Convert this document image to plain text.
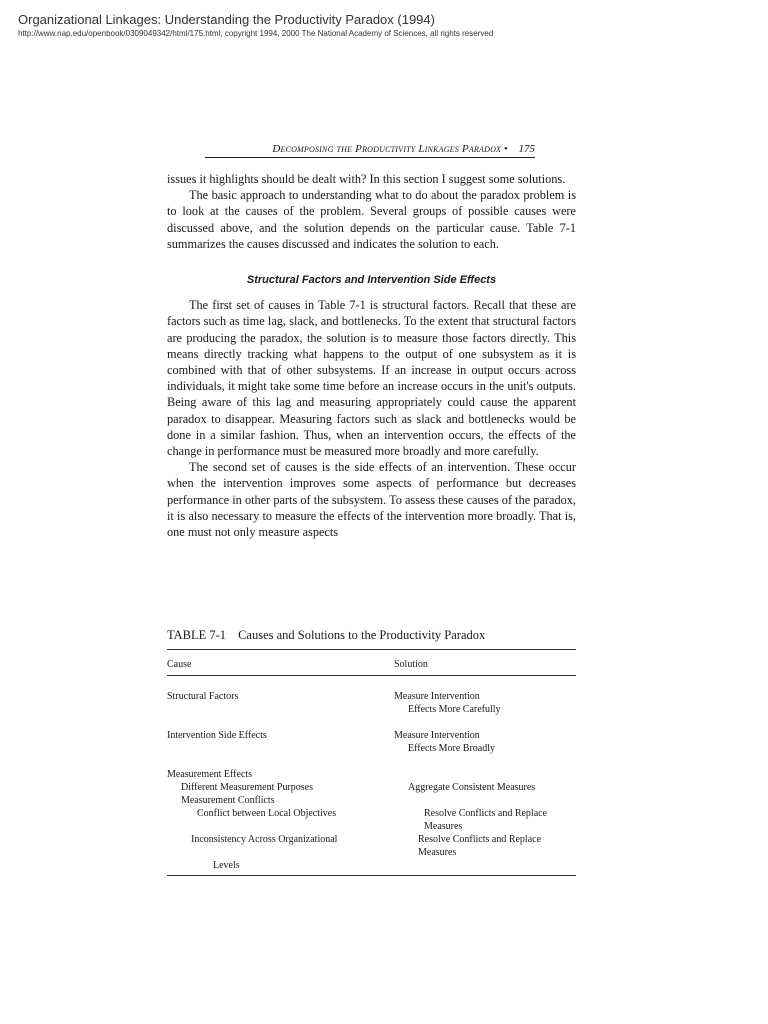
Organizational Linkages: Understanding the Productivity Paradox (1994)
http://www.nap.edu/openbook/0309049342/html/175.html, copyright 1994, 2000 The National Academy of Sciences, all rights reserved
Decomposing the Productivity Linkages Paradox • 175

issues it highlights should be dealt with? In this section I suggest some solutions.

The basic approach to understanding what to do about the paradox problem is to look at the causes of the problem. Several groups of possible causes were discussed above, and the solution depends on the particular cause. Table 7-1 summarizes the causes discussed and indicates the solution to each.

Structural Factors and Intervention Side Effects

The first set of causes in Table 7-1 is structural factors. Recall that these are factors such as time lag, slack, and bottlenecks. To the extent that structural factors are producing the paradox, the solution is to measure those factors directly. This means directly tracking what happens to the output of one subsystem as it is combined with that of other subsystems. If an increase in output occurs across individuals, it might take some time before an increase occurs in the unit's outputs. Being aware of this lag and measuring appropriately could cause the apparent paradox to disappear. Measuring factors such as slack and bottlenecks would be done in a similar fashion. Thus, when an intervention occurs, the effects of the change in performance must be measured more broadly and more carefully.

The second set of causes is the side effects of an intervention. These occur when the intervention improves some aspects of performance but decreases performance in other parts of the subsystem. To assess these causes of the paradox, it is also necessary to measure the effects of the intervention more broadly. That is, one must not only measure aspects

TABLE 7-1 Causes and Solutions to the Productivity Paradox
Cause	Solution
Structural Factors	Measure Intervention
Effects More Carefully
Intervention Side Effects	Measure Intervention
Effects More Broadly
Measurement Effects
Different Measurement Purposes	Aggregate Consistent Measures
Measurement Conflicts
Conflict between Local Objectives	Resolve Conflicts and Replace Measures
Inconsistency Across Organizational	Resolve Conflicts and Replace Measures
Levels
